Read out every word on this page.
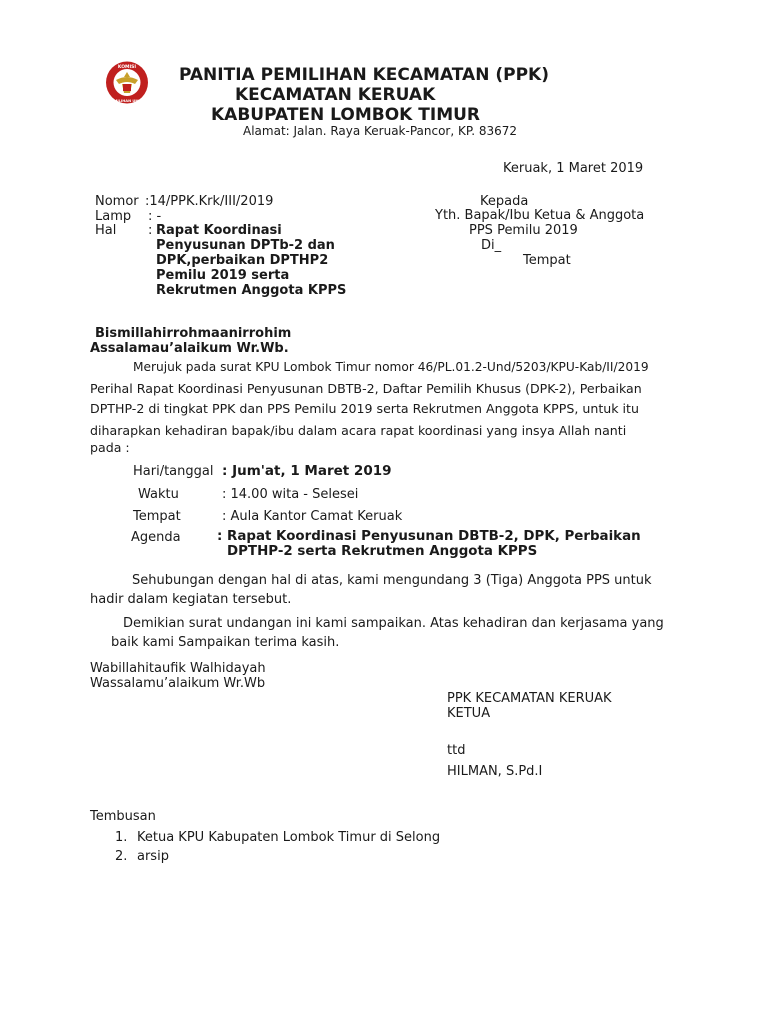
KOMISI
PEMILIHAN UMUM
PANITIA PEMILIHAN KECAMATAN (PPK)
KECAMATAN KERUAK
KABUPATEN LOMBOK TIMUR
Alamat: Jalan. Raya Keruak-Pancor, KP. 83672
Keruak, 1 Maret 2019
Nomor :14/PPK.Krk/III/2019
Lamp : -
Hal : Rapat Koordinasi
Penyusunan DPTb-2 dan
DPK,perbaikan DPTHP2
Pemilu 2019 serta
Rekrutmen Anggota KPPS
Kepada
Yth. Bapak/Ibu Ketua & Anggota
PPS Pemilu 2019
Di_
Tempat
Bismillahirrohmaanirrohim
Assalamau’alaikum Wr.Wb.
Merujuk pada surat KPU Lombok Timur nomor 46/PL.01.2-Und/5203/KPU-Kab/II/2019
Perihal Rapat Koordinasi Penyusunan DBTB-2, Daftar Pemilih Khusus (DPK-2), Perbaikan
DPTHP-2 di tingkat PPK dan PPS Pemilu 2019 serta Rekrutmen Anggota KPPS, untuk itu
diharapkan kehadiran bapak/ibu dalam acara rapat koordinasi yang insya Allah nanti
pada :
Hari/tanggal : Jum'at, 1 Maret 2019
Waktu	: 14.00 wita - Selesei
Tempat	: Aula Kantor Camat Keruak
Agenda	: Rapat Koordinasi Penyusunan DBTB-2, DPK, Perbaikan
DPTHP-2 serta Rekrutmen Anggota KPPS
Sehubungan dengan hal di atas, kami mengundang 3 (Tiga) Anggota PPS untuk
hadir dalam kegiatan tersebut.
Demikian surat undangan ini kami sampaikan. Atas kehadiran dan kerjasama yang
baik kami Sampaikan terima kasih.
Wabillahitaufik Walhidayah
Wassalamu’alaikum Wr.Wb
PPK KECAMATAN KERUAK
KETUA
ttd
HILMAN, S.Pd.I
Tembusan
1. Ketua KPU Kabupaten Lombok Timur di Selong
2. arsip
